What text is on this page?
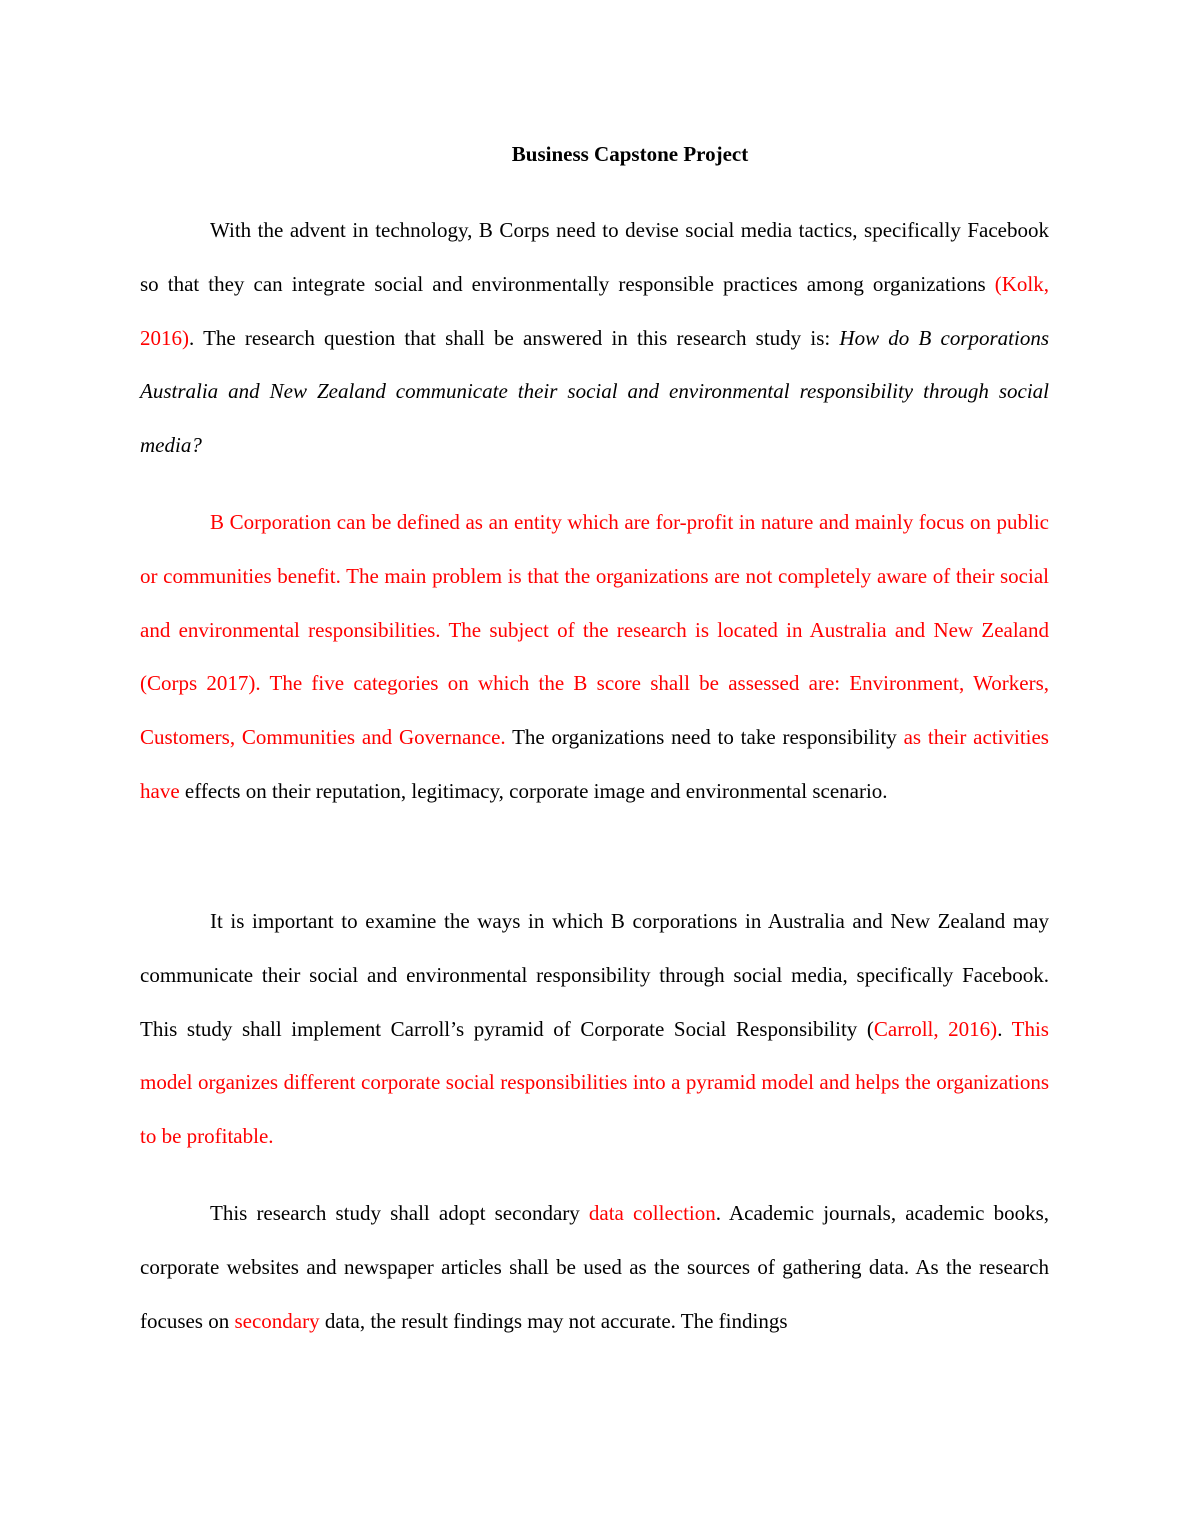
Business Capstone Project

With the advent in technology, B Corps need to devise social media tactics, specifically Facebook so that they can integrate social and environmentally responsible practices among organizations (Kolk, 2016). The research question that shall be answered in this research study is: How do B corporations Australia and New Zealand communicate their social and environmental responsibility through social media?

B Corporation can be defined as an entity which are for-profit in nature and mainly focus on public or communities benefit. The main problem is that the organizations are not completely aware of their social and environmental responsibilities. The subject of the research is located in Australia and New Zealand (Corps 2017). The five categories on which the B score shall be assessed are: Environment, Workers, Customers, Communities and Governance. The organizations need to take responsibility as their activities have effects on their reputation, legitimacy, corporate image and environmental scenario.

It is important to examine the ways in which B corporations in Australia and New Zealand may communicate their social and environmental responsibility through social media, specifically Facebook. This study shall implement Carroll’s pyramid of Corporate Social Responsibility (Carroll, 2016). This model organizes different corporate social responsibilities into a pyramid model and helps the organizations to be profitable.

This research study shall adopt secondary data collection. Academic journals, academic books, corporate websites and newspaper articles shall be used as the sources of gathering data. As the research focuses on secondary data, the result findings may not accurate. The findings
